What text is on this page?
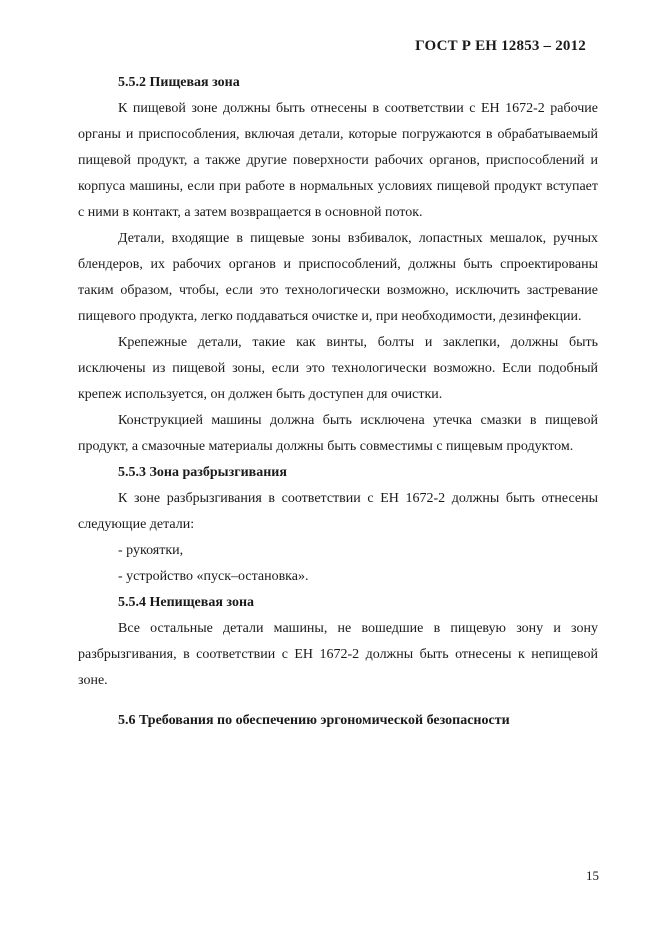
ГОСТ Р ЕН 12853 – 2012
5.5.2 Пищевая зона

К пищевой зоне должны быть отнесены в соответствии с ЕН 1672-2 рабочие органы и приспособления, включая детали, которые погружаются в обрабатываемый пищевой продукт, а также другие поверхности рабочих органов, приспособлений и корпуса машины, если при работе в нормальных условиях пищевой продукт вступает с ними в контакт, а затем возвращается в основной поток.

Детали, входящие в пищевые зоны взбивалок, лопастных мешалок, ручных блендеров, их рабочих органов и приспособлений, должны быть спроектированы таким образом, чтобы, если это технологически возможно, исключить застревание пищевого продукта, легко поддаваться очистке и, при необходимости, дезинфекции.

Крепежные детали, такие как винты, болты и заклепки, должны быть исключены из пищевой зоны, если это технологически возможно. Если подобный крепеж используется, он должен быть доступен для очистки.

Конструкцией машины должна быть исключена утечка смазки в пищевой продукт, а смазочные материалы должны быть совместимы с пищевым продуктом.

5.5.3 Зона разбрызгивания

К зоне разбрызгивания в соответствии с ЕН 1672-2 должны быть отнесены следующие детали:

- рукоятки,
- устройство «пуск–остановка».
5.5.4 Непищевая зона

Все остальные детали машины, не вошедшие в пищевую зону и зону разбрызгивания, в соответствии с ЕН 1672-2 должны быть отнесены к непищевой зоне.

5.6 Требования по обеспечению эргономической безопасности
15
